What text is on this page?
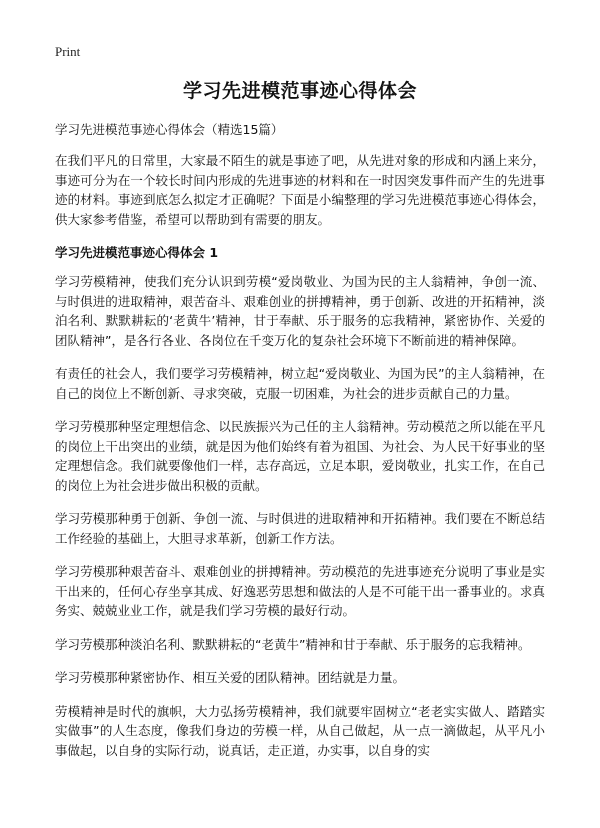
Print
学习先进模范事迹心得体会

学习先进模范事迹心得体会（精选15篇）

在我们平凡的日常里，大家最不陌生的就是事迹了吧，从先进对象的形成和内涵上来分，事迹可分为在一个较长时间内形成的先进事迹的材料和在一时因突发事件而产生的先进事迹的材料。事迹到底怎么拟定才正确呢？下面是小编整理的学习先进模范事迹心得体会，供大家参考借鉴，希望可以帮助到有需要的朋友。

学习先进模范事迹心得体会 1

学习劳模精神，使我们充分认识到劳模“爱岗敬业、为国为民的主人翁精神，争创一流、与时俱进的进取精神，艰苦奋斗、艰难创业的拼搏精神，勇于创新、改进的开拓精神，淡泊名利、默默耕耘的‘老黄牛’精神，甘于奉献、乐于服务的忘我精神，紧密协作、关爱的团队精神”，是各行各业、各岗位在千变万化的复杂社会环境下不断前进的精神保障。

有责任的社会人，我们要学习劳模精神，树立起“爱岗敬业、为国为民”的主人翁精神，在自己的岗位上不断创新、寻求突破，克服一切困难，为社会的进步贡献自己的力量。

学习劳模那种坚定理想信念、以民族振兴为己任的主人翁精神。劳动模范之所以能在平凡的岗位上干出突出的业绩，就是因为他们始终有着为祖国、为社会、为人民干好事业的坚定理想信念。我们就要像他们一样，志存高远，立足本职，爱岗敬业，扎实工作，在自己的岗位上为社会进步做出积极的贡献。

学习劳模那种勇于创新、争创一流、与时俱进的进取精神和开拓精神。我们要在不断总结工作经验的基础上，大胆寻求革新，创新工作方法。

学习劳模那种艰苦奋斗、艰难创业的拼搏精神。劳动模范的先进事迹充分说明了事业是实干出来的，任何心存坐享其成、好逸恶劳思想和做法的人是不可能干出一番事业的。求真务实、兢兢业业工作，就是我们学习劳模的最好行动。

学习劳模那种淡泊名利、默默耕耘的“老黄牛”精神和甘于奉献、乐于服务的忘我精神。

学习劳模那种紧密协作、相互关爱的团队精神。团结就是力量。

劳模精神是时代的旗帜，大力弘扬劳模精神，我们就要牢固树立“老老实实做人、踏踏实实做事”的人生态度，像我们身边的劳模一样，从自己做起，从一点一滴做起，从平凡小事做起，以自身的实际行动，说真话，走正道，办实事，以自身的实
